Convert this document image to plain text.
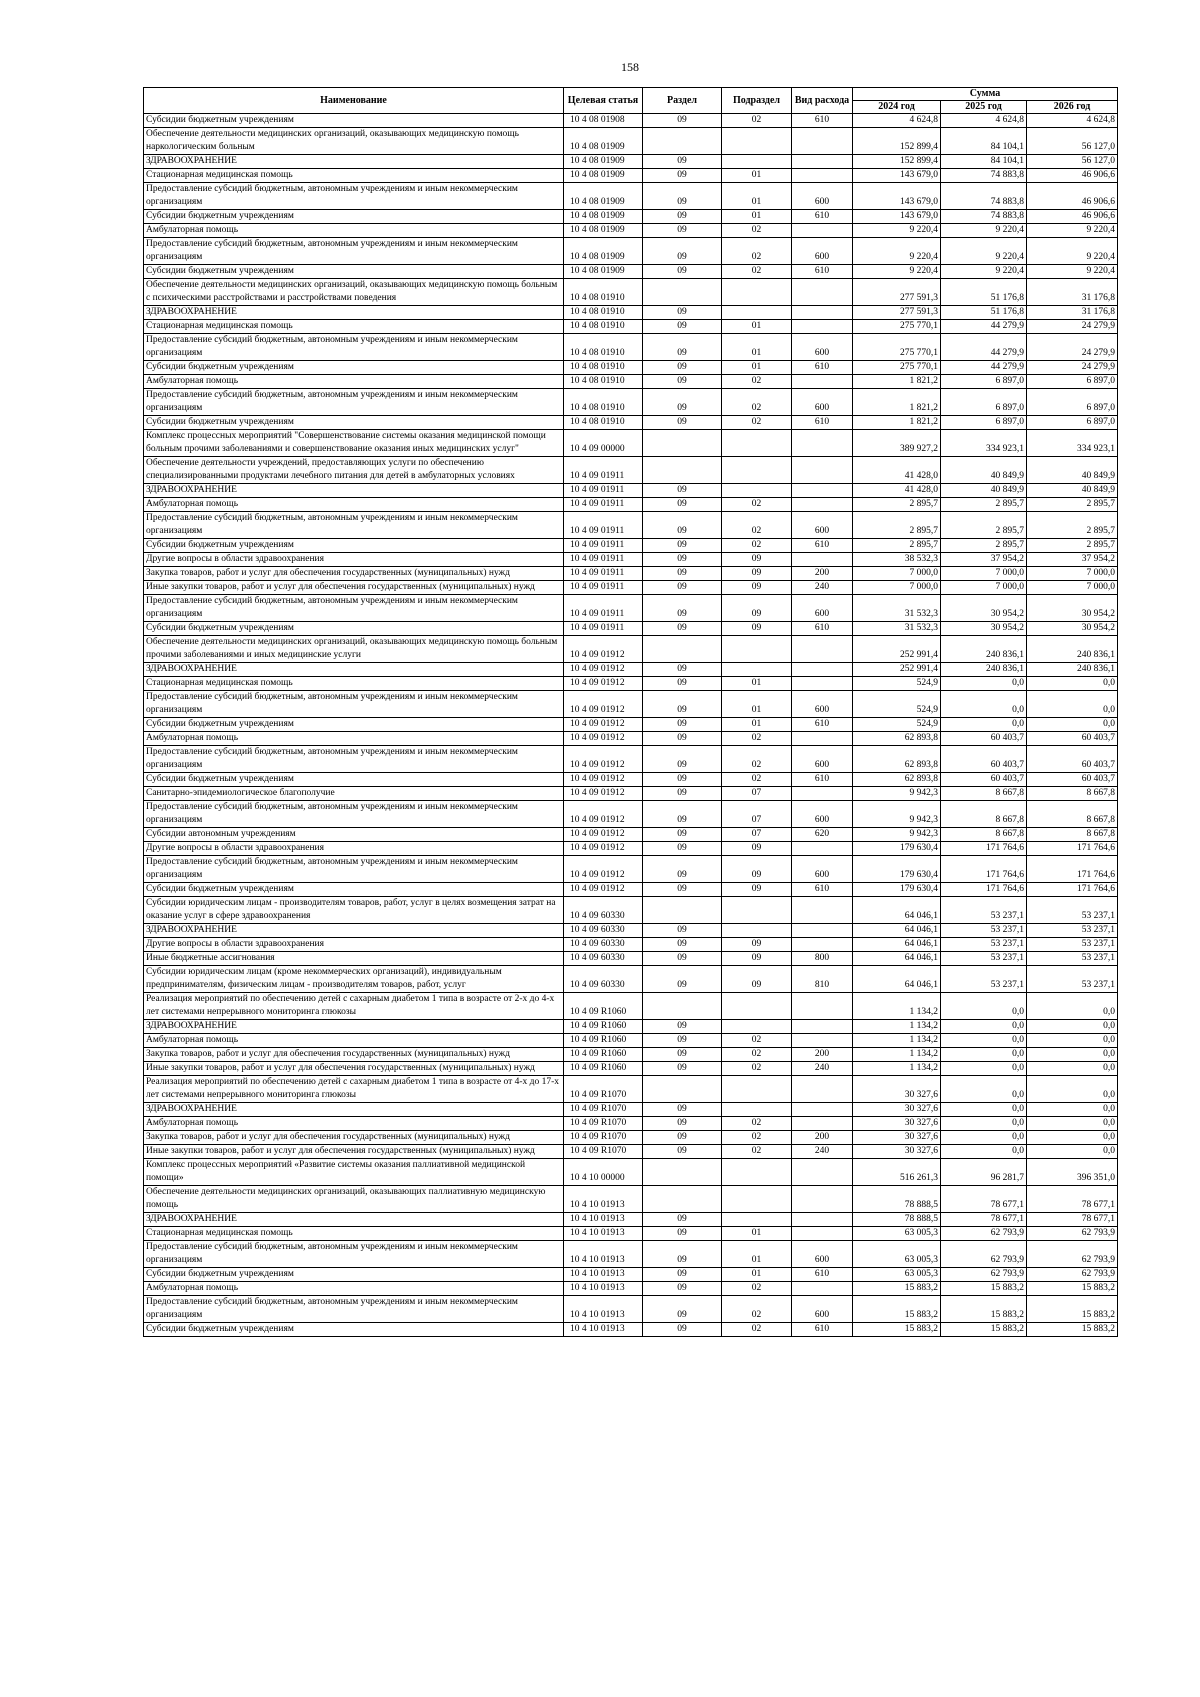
158
Наименование	Целевая статья	Раздел	Подраздел	Вид расхода	Сумма		
					2024 год	2025 год	2026 год
Субсидии бюджетным учреждениям	10 4 08 01908	09	02	610	4 624,8	4 624,8	4 624,8
Обеспечение деятельности медицинских организаций, оказывающих медицинскую помощь наркологическим больным	10 4 08 01909				152 899,4	84 104,1	56 127,0
ЗДРАВООХРАНЕНИЕ	10 4 08 01909	09			152 899,4	84 104,1	56 127,0
Стационарная медицинская помощь	10 4 08 01909	09	01		143 679,0	74 883,8	46 906,6
Предоставление субсидий бюджетным, автономным учреждениям и иным некоммерческим организациям	10 4 08 01909	09	01	600	143 679,0	74 883,8	46 906,6
Субсидии бюджетным учреждениям	10 4 08 01909	09	01	610	143 679,0	74 883,8	46 906,6
Амбулаторная помощь	10 4 08 01909	09	02		9 220,4	9 220,4	9 220,4
Предоставление субсидий бюджетным, автономным учреждениям и иным некоммерческим организациям	10 4 08 01909	09	02	600	9 220,4	9 220,4	9 220,4
Субсидии бюджетным учреждениям	10 4 08 01909	09	02	610	9 220,4	9 220,4	9 220,4
Обеспечение деятельности медицинских организаций, оказывающих медицинскую помощь больным с психическими расстройствами и расстройствами поведения	10 4 08 01910				277 591,3	51 176,8	31 176,8
ЗДРАВООХРАНЕНИЕ	10 4 08 01910	09			277 591,3	51 176,8	31 176,8
Стационарная медицинская помощь	10 4 08 01910	09	01		275 770,1	44 279,9	24 279,9
Предоставление субсидий бюджетным, автономным учреждениям и иным некоммерческим организациям	10 4 08 01910	09	01	600	275 770,1	44 279,9	24 279,9
Субсидии бюджетным учреждениям	10 4 08 01910	09	01	610	275 770,1	44 279,9	24 279,9
Амбулаторная помощь	10 4 08 01910	09	02		1 821,2	6 897,0	6 897,0
Предоставление субсидий бюджетным, автономным учреждениям и иным некоммерческим организациям	10 4 08 01910	09	02	600	1 821,2	6 897,0	6 897,0
Субсидии бюджетным учреждениям	10 4 08 01910	09	02	610	1 821,2	6 897,0	6 897,0
Комплекс процессных мероприятий "Совершенствование системы оказания медицинской помощи больным прочими заболеваниями и совершенствование оказания иных медицинских услуг"	10 4 09 00000				389 927,2	334 923,1	334 923,1
Обеспечение деятельности учреждений, предоставляющих услуги по обеспечению специализированными продуктами лечебного питания для детей в амбулаторных условиях	10 4 09 01911				41 428,0	40 849,9	40 849,9
ЗДРАВООХРАНЕНИЕ	10 4 09 01911	09			41 428,0	40 849,9	40 849,9
Амбулаторная помощь	10 4 09 01911	09	02		2 895,7	2 895,7	2 895,7
Предоставление субсидий бюджетным, автономным учреждениям и иным некоммерческим организациям	10 4 09 01911	09	02	600	2 895,7	2 895,7	2 895,7
Субсидии бюджетным учреждениям	10 4 09 01911	09	02	610	2 895,7	2 895,7	2 895,7
Другие вопросы в области здравоохранения	10 4 09 01911	09	09		38 532,3	37 954,2	37 954,2
Закупка товаров, работ и услуг для обеспечения государственных (муниципальных) нужд	10 4 09 01911	09	09	200	7 000,0	7 000,0	7 000,0
Иные закупки товаров, работ и услуг для обеспечения государственных (муниципальных) нужд	10 4 09 01911	09	09	240	7 000,0	7 000,0	7 000,0
Предоставление субсидий бюджетным, автономным учреждениям и иным некоммерческим организациям	10 4 09 01911	09	09	600	31 532,3	30 954,2	30 954,2
Субсидии бюджетным учреждениям	10 4 09 01911	09	09	610	31 532,3	30 954,2	30 954,2
Обеспечение деятельности медицинских организаций, оказывающих медицинскую помощь больным прочими заболеваниями и иных медицинские услуги	10 4 09 01912				252 991,4	240 836,1	240 836,1
ЗДРАВООХРАНЕНИЕ	10 4 09 01912	09			252 991,4	240 836,1	240 836,1
Стационарная медицинская помощь	10 4 09 01912	09	01		524,9	0,0	0,0
Предоставление субсидий бюджетным, автономным учреждениям и иным некоммерческим организациям	10 4 09 01912	09	01	600	524,9	0,0	0,0
Субсидии бюджетным учреждениям	10 4 09 01912	09	01	610	524,9	0,0	0,0
Амбулаторная помощь	10 4 09 01912	09	02		62 893,8	60 403,7	60 403,7
Предоставление субсидий бюджетным, автономным учреждениям и иным некоммерческим организациям	10 4 09 01912	09	02	600	62 893,8	60 403,7	60 403,7
Субсидии бюджетным учреждениям	10 4 09 01912	09	02	610	62 893,8	60 403,7	60 403,7
Санитарно-эпидемиологическое благополучие	10 4 09 01912	09	07		9 942,3	8 667,8	8 667,8
Предоставление субсидий бюджетным, автономным учреждениям и иным некоммерческим организациям	10 4 09 01912	09	07	600	9 942,3	8 667,8	8 667,8
Субсидии автономным учреждениям	10 4 09 01912	09	07	620	9 942,3	8 667,8	8 667,8
Другие вопросы в области здравоохранения	10 4 09 01912	09	09		179 630,4	171 764,6	171 764,6
Предоставление субсидий бюджетным, автономным учреждениям и иным некоммерческим организациям	10 4 09 01912	09	09	600	179 630,4	171 764,6	171 764,6
Субсидии бюджетным учреждениям	10 4 09 01912	09	09	610	179 630,4	171 764,6	171 764,6
Субсидии юридическим лицам - производителям товаров, работ, услуг в целях возмещения затрат на оказание услуг в сфере здравоохранения	10 4 09 60330				64 046,1	53 237,1	53 237,1
ЗДРАВООХРАНЕНИЕ	10 4 09 60330	09			64 046,1	53 237,1	53 237,1
Другие вопросы в области здравоохранения	10 4 09 60330	09	09		64 046,1	53 237,1	53 237,1
Иные бюджетные ассигнования	10 4 09 60330	09	09	800	64 046,1	53 237,1	53 237,1
Субсидии юридическим лицам (кроме некоммерческих организаций), индивидуальным предпринимателям, физическим лицам - производителям товаров, работ, услуг	10 4 09 60330	09	09	810	64 046,1	53 237,1	53 237,1
Реализация мероприятий по обеспечению детей с сахарным диабетом 1 типа в возрасте от 2-х до 4-х лет системами непрерывного мониторинга глюкозы	10 4 09 R1060				1 134,2	0,0	0,0
ЗДРАВООХРАНЕНИЕ	10 4 09 R1060	09			1 134,2	0,0	0,0
Амбулаторная помощь	10 4 09 R1060	09	02		1 134,2	0,0	0,0
Закупка товаров, работ и услуг для обеспечения государственных (муниципальных) нужд	10 4 09 R1060	09	02	200	1 134,2	0,0	0,0
Иные закупки товаров, работ и услуг для обеспечения государственных (муниципальных) нужд	10 4 09 R1060	09	02	240	1 134,2	0,0	0,0
Реализация мероприятий по обеспечению детей с сахарным диабетом 1 типа в возрасте от 4-х до 17-х лет системами непрерывного мониторинга глюкозы	10 4 09 R1070				30 327,6	0,0	0,0
ЗДРАВООХРАНЕНИЕ	10 4 09 R1070	09			30 327,6	0,0	0,0
Амбулаторная помощь	10 4 09 R1070	09	02		30 327,6	0,0	0,0
Закупка товаров, работ и услуг для обеспечения государственных (муниципальных) нужд	10 4 09 R1070	09	02	200	30 327,6	0,0	0,0
Иные закупки товаров, работ и услуг для обеспечения государственных (муниципальных) нужд	10 4 09 R1070	09	02	240	30 327,6	0,0	0,0
Комплекс процессных мероприятий «Развитие системы оказания паллиативной медицинской помощи»	10 4 10 00000				516 261,3	96 281,7	396 351,0
Обеспечение деятельности медицинских организаций, оказывающих паллиативную медицинскую помощь	10 4 10 01913				78 888,5	78 677,1	78 677,1
ЗДРАВООХРАНЕНИЕ	10 4 10 01913	09			78 888,5	78 677,1	78 677,1
Стационарная медицинская помощь	10 4 10 01913	09	01		63 005,3	62 793,9	62 793,9
Предоставление субсидий бюджетным, автономным учреждениям и иным некоммерческим организациям	10 4 10 01913	09	01	600	63 005,3	62 793,9	62 793,9
Субсидии бюджетным учреждениям	10 4 10 01913	09	01	610	63 005,3	62 793,9	62 793,9
Амбулаторная помощь	10 4 10 01913	09	02		15 883,2	15 883,2	15 883,2
Предоставление субсидий бюджетным, автономным учреждениям и иным некоммерческим организациям	10 4 10 01913	09	02	600	15 883,2	15 883,2	15 883,2
Субсидии бюджетным учреждениям	10 4 10 01913	09	02	610	15 883,2	15 883,2	15 883,2
